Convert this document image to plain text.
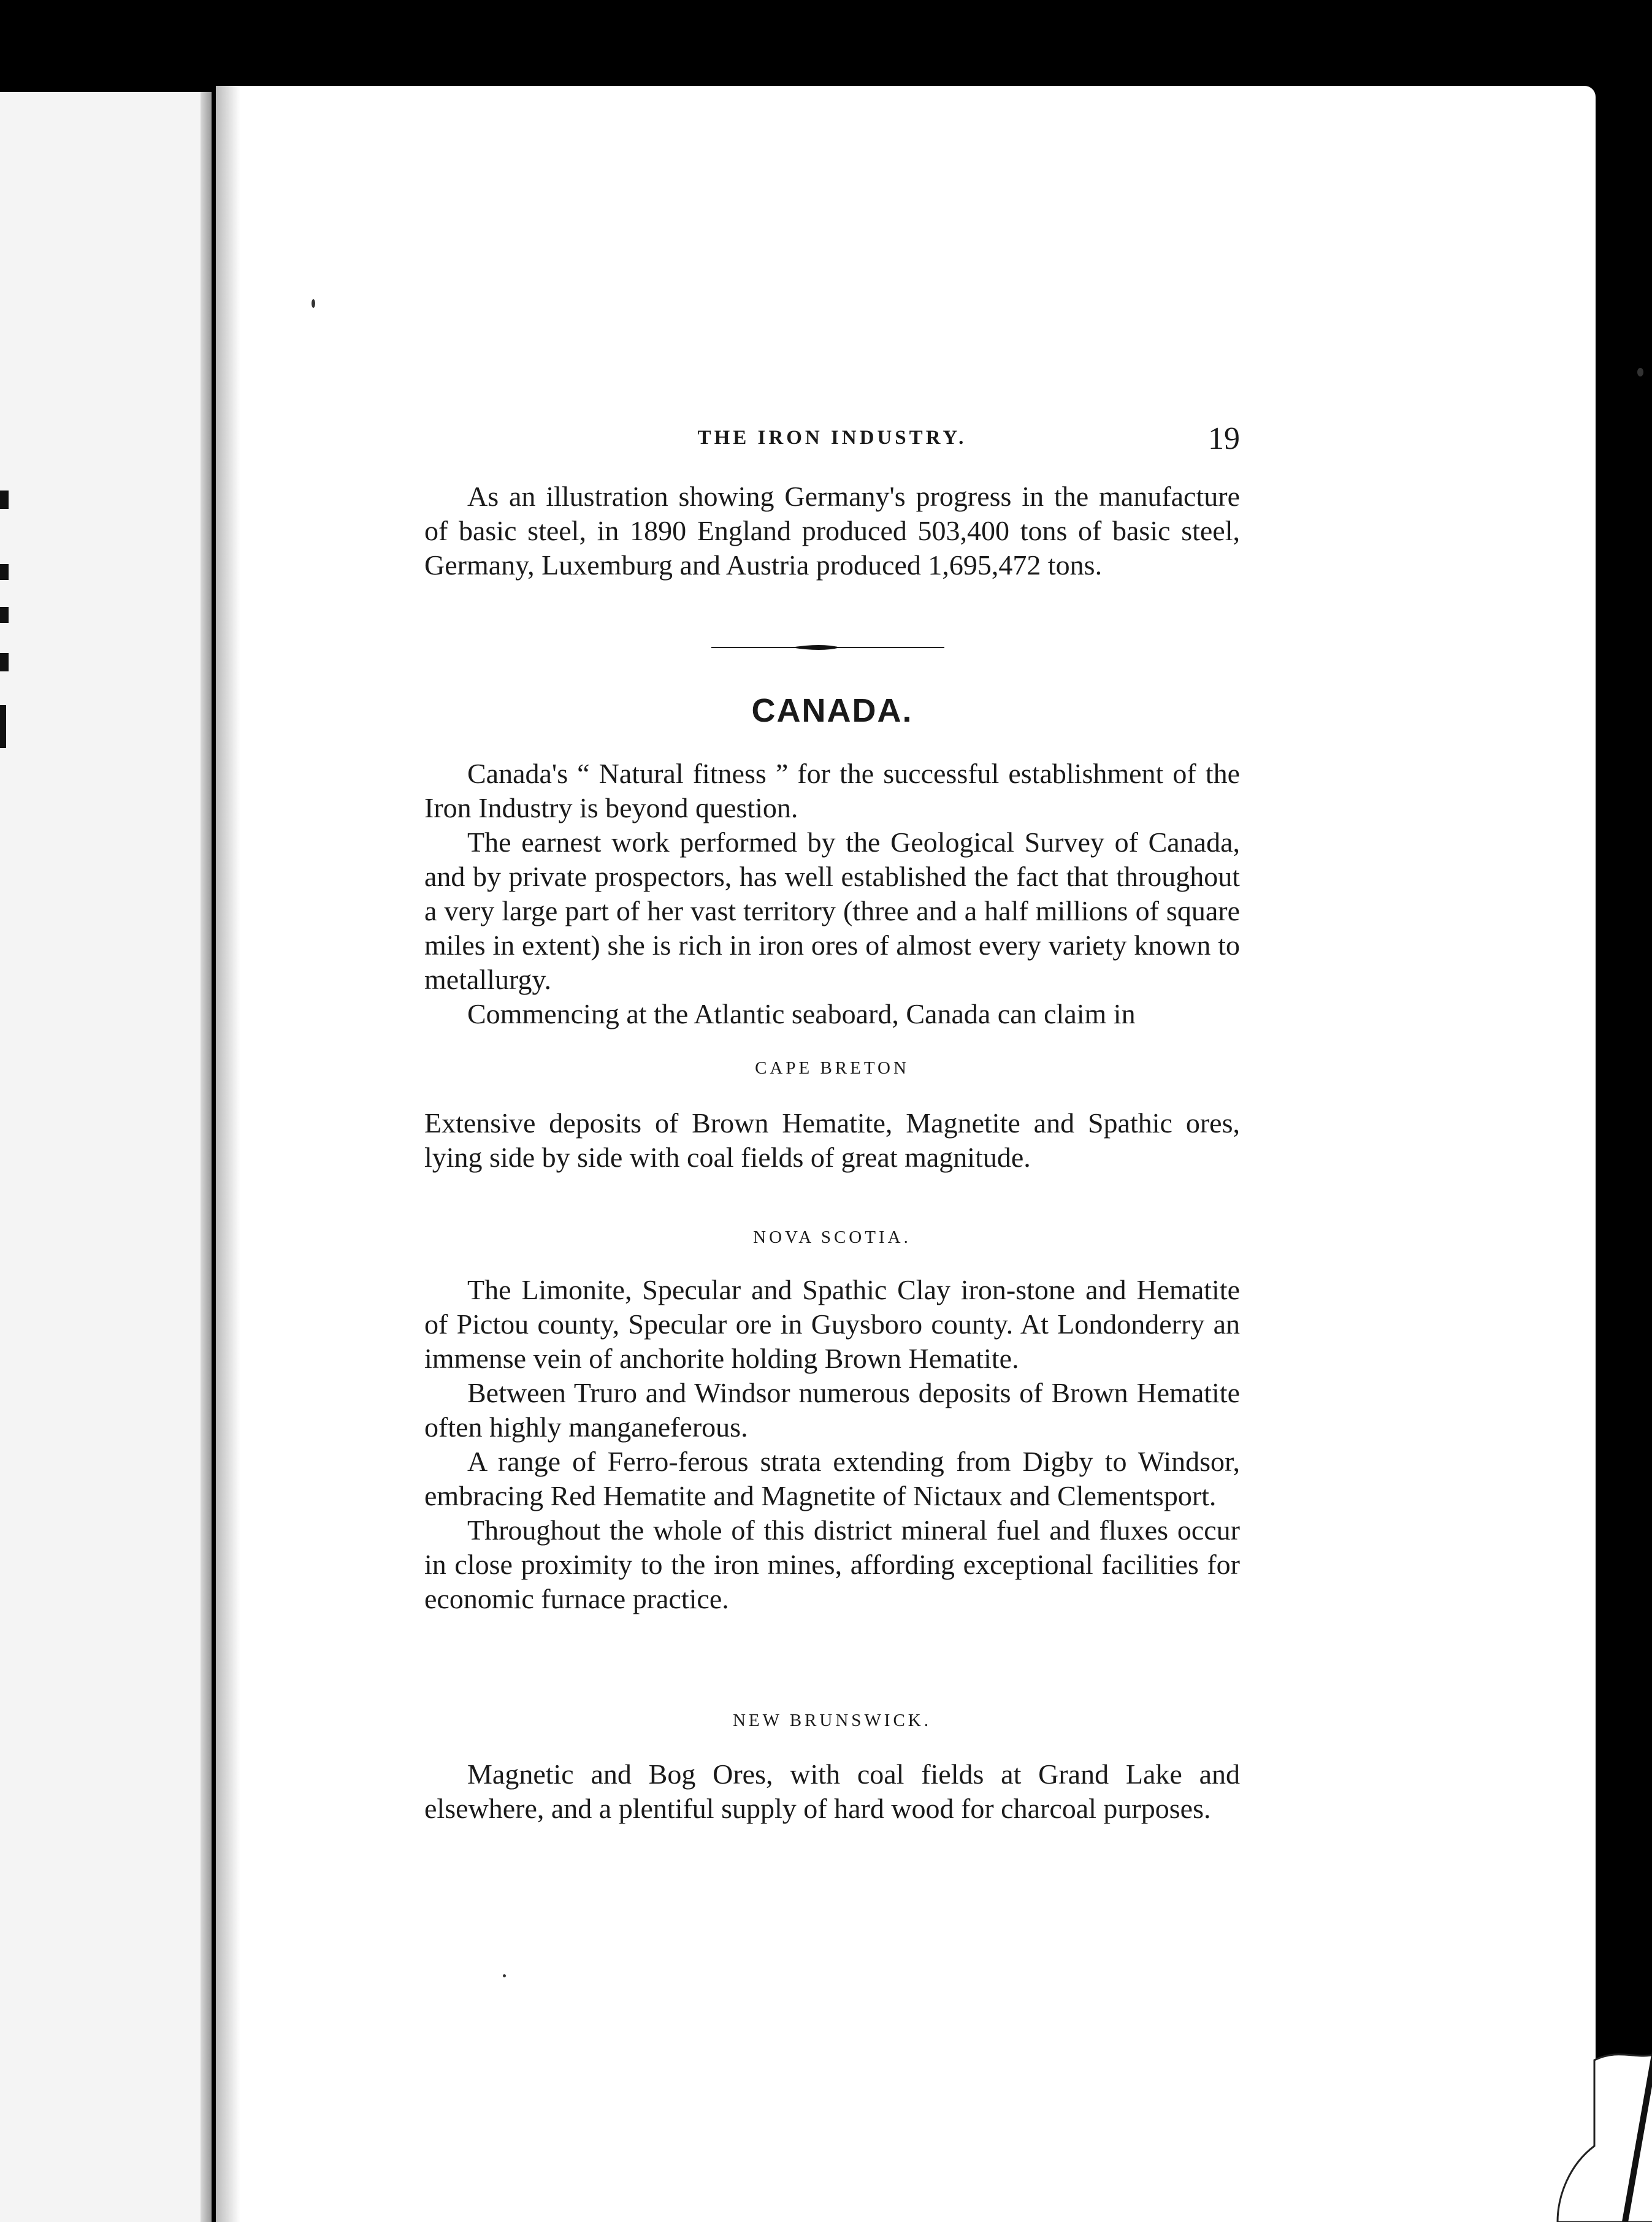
THE IRON INDUSTRY.	19

As an illustration showing Germany's progress in the manufacture of basic steel, in 1890 England produced 503,400 tons of basic steel, Germany, Luxemburg and Austria produced 1,695,472 tons.

CANADA.

Canada's “ Natural fitness ” for the successful establishment of the Iron Industry is beyond question.

The earnest work performed by the Geological Survey of Canada, and by private prospectors, has well established the fact that throughout a very large part of her vast territory (three and a half millions of square miles in extent) she is rich in iron ores of almost every variety known to metallurgy.

Commencing at the Atlantic seaboard, Canada can claim in

CAPE BRETON

Extensive deposits of Brown Hematite, Magnetite and Spathic ores, lying side by side with coal fields of great magnitude.

NOVA SCOTIA.

The Limonite, Specular and Spathic Clay iron-stone and Hematite of Pictou county, Specular ore in Guysboro county. At Londonderry an immense vein of anchorite holding Brown Hematite.

Between Truro and Windsor numerous deposits of Brown Hematite often highly manganeferous.

A range of Ferro-ferous strata extending from Digby to Windsor, embracing Red Hematite and Magnetite of Nictaux and Clementsport.

Throughout the whole of this district mineral fuel and fluxes occur in close proximity to the iron mines, affording exceptional facilities for economic furnace practice.

NEW BRUNSWICK.

Magnetic and Bog Ores, with coal fields at Grand Lake and elsewhere, and a plentiful supply of hard wood for charcoal purposes.
